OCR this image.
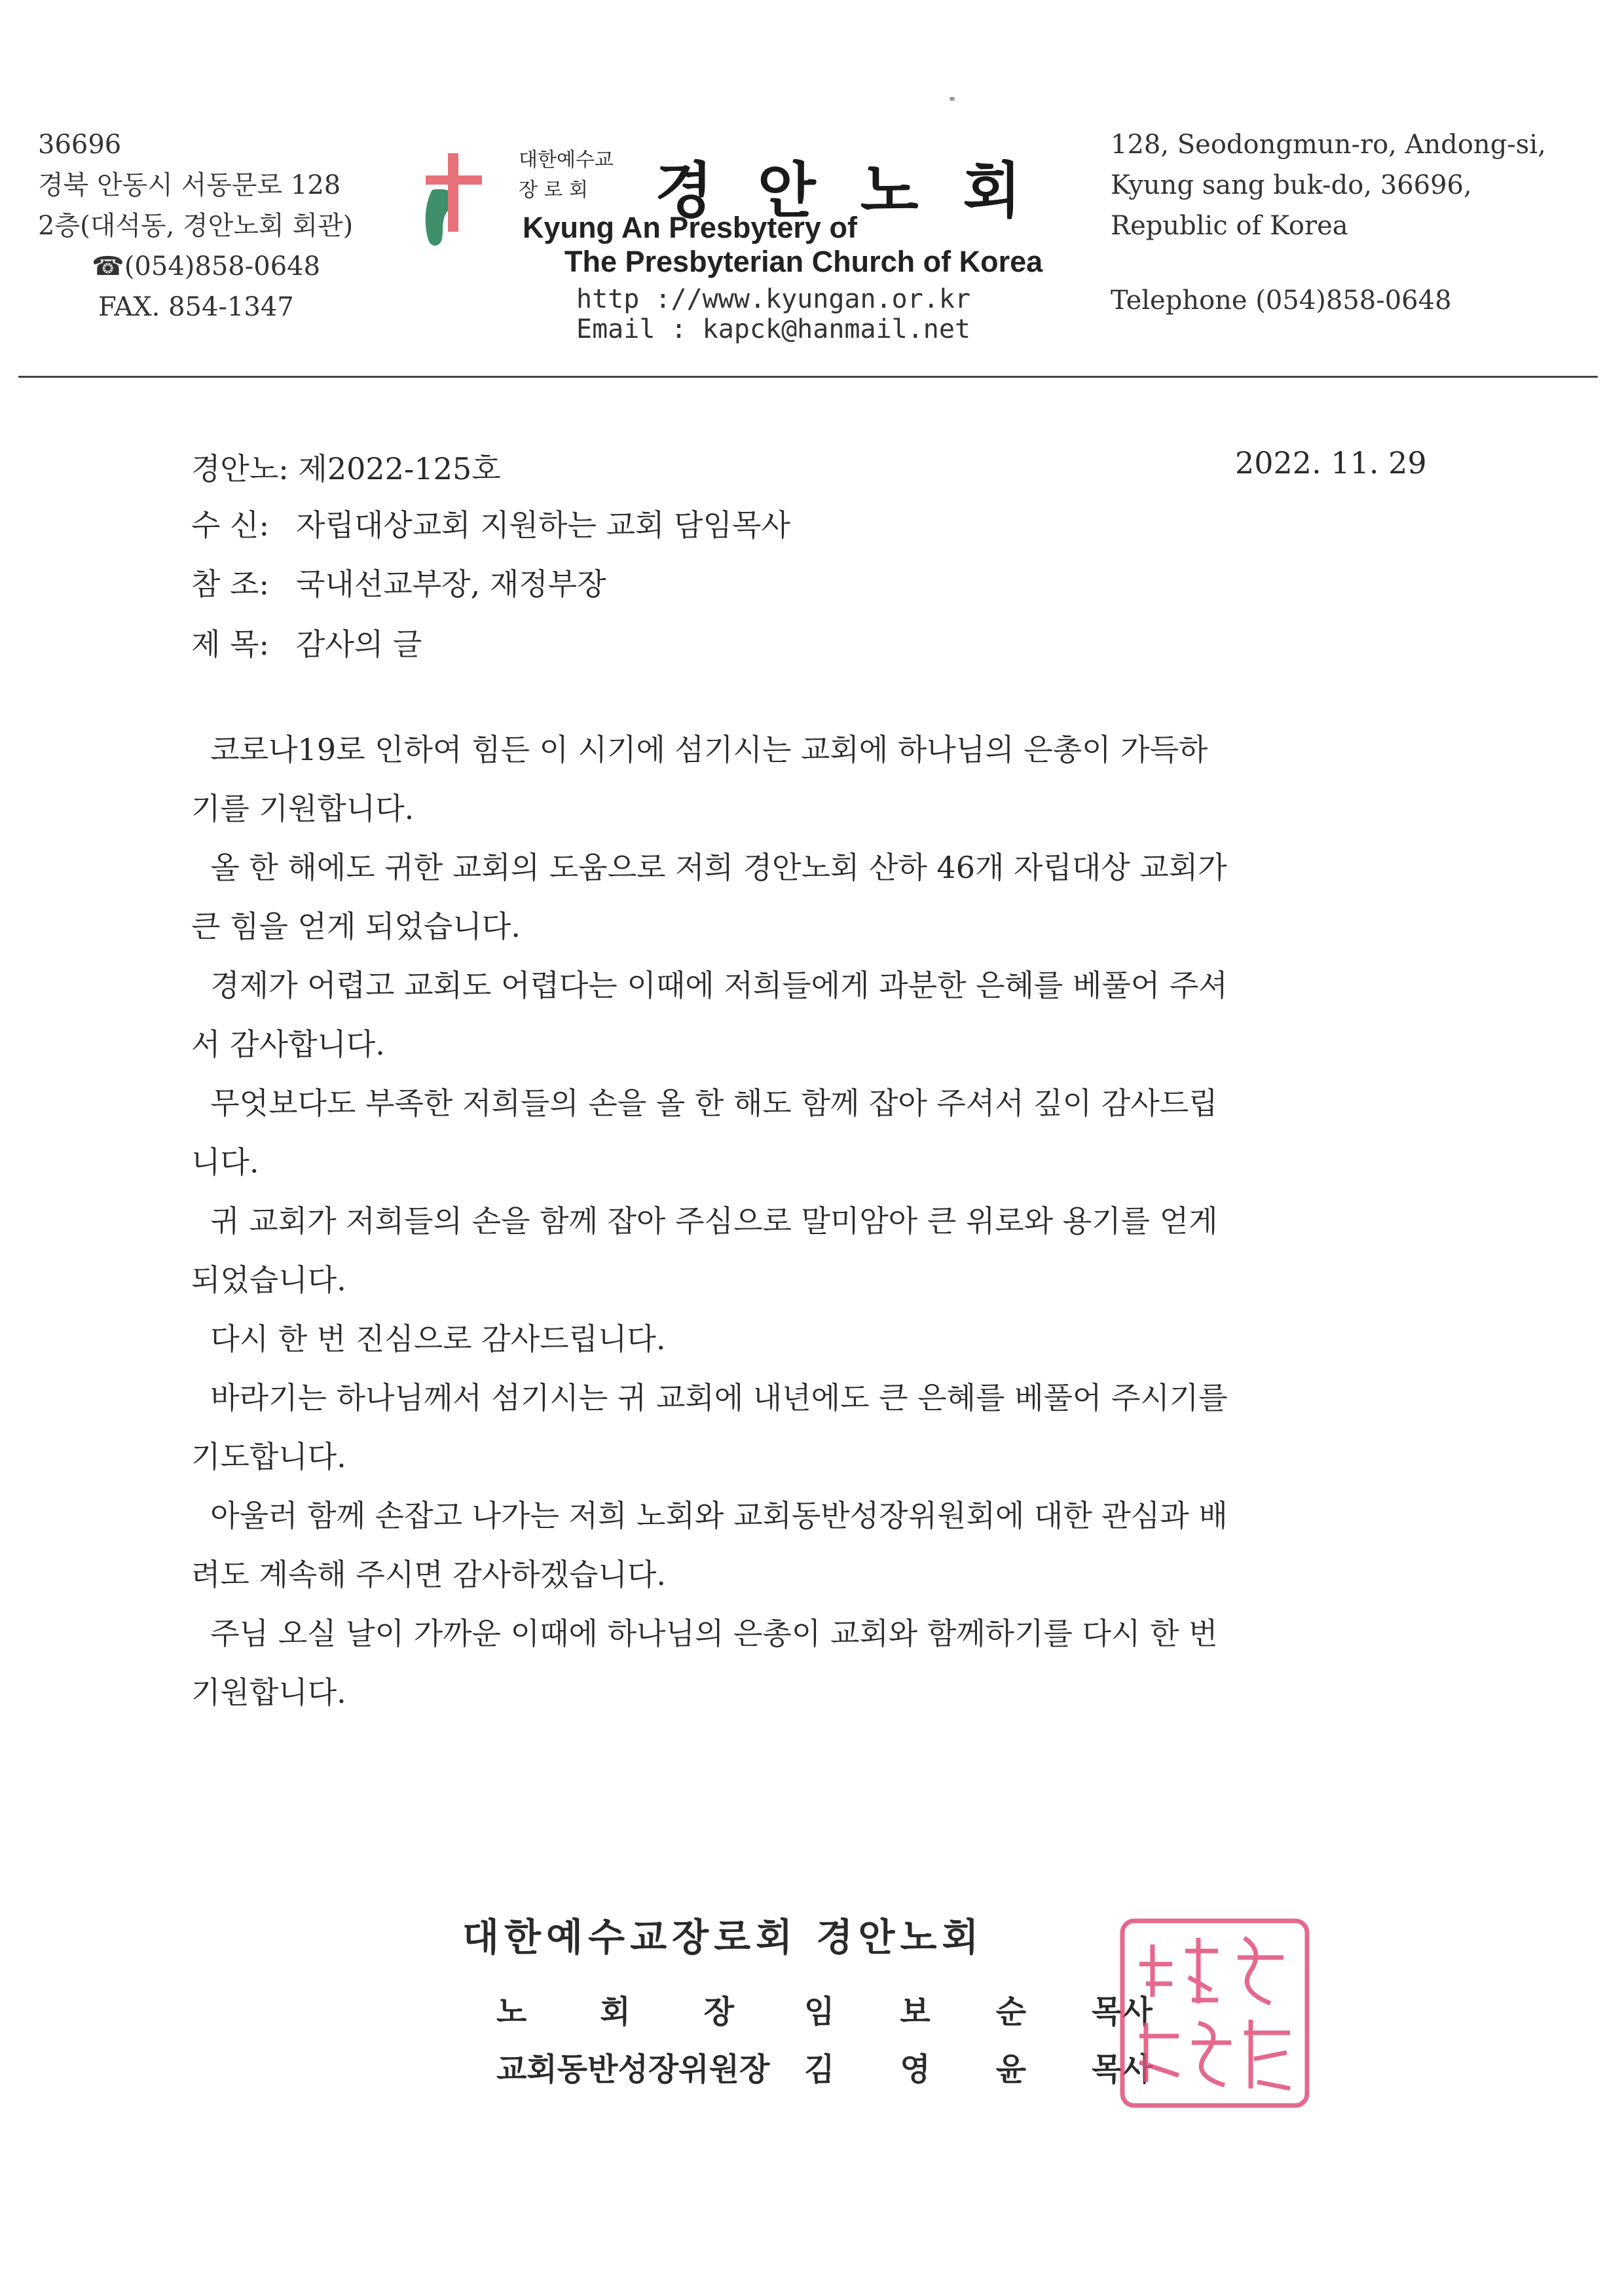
36696
경북 안동시 서동문로 128
2층(대석동, 경안노회 회관)
☎(054)858-0648
FAX. 854-1347
대한예수교
장 로 회	경안노회
Kyung An Presbytery of
The Presbyterian Church of Korea
http ://www.kyungan.or.kr
Email : kapck@hanmail.net
128, Seodongmun-ro, Andong-si,
Kyung sang buk-do, 36696,
Republic of Korea
Telephone (054)858-0648
경안노: 제2022-125호	2022. 11. 29
수 신: 자립대상교회 지원하는 교회 담임목사
참 조: 국내선교부장, 재정부장
제 목: 감사의 글

코로나19로 인하여 힘든 이 시기에 섬기시는 교회에 하나님의 은총이 가득하

기를 기원합니다.

올 한 해에도 귀한 교회의 도움으로 저희 경안노회 산하 46개 자립대상 교회가

큰 힘을 얻게 되었습니다.

경제가 어렵고 교회도 어렵다는 이때에 저희들에게 과분한 은혜를 베풀어 주셔

서 감사합니다.

무엇보다도 부족한 저희들의 손을 올 한 해도 함께 잡아 주셔서 깊이 감사드립

니다.

귀 교회가 저희들의 손을 함께 잡아 주심으로 말미암아 큰 위로와 용기를 얻게

되었습니다.

다시 한 번 진심으로 감사드립니다.

바라기는 하나님께서 섬기시는 귀 교회에 내년에도 큰 은혜를 베풀어 주시기를

기도합니다.

아울러 함께 손잡고 나가는 저희 노회와 교회동반성장위원회에 대한 관심과 배

려도 계속해 주시면 감사하겠습니다.

주님 오실 날이 가까운 이때에 하나님의 은총이 교회와 함께하기를 다시 한 번

기원합니다.

대한예수교장로회 경안노회
노회장임보순목사
교회동반성장위원장 김영윤목사
